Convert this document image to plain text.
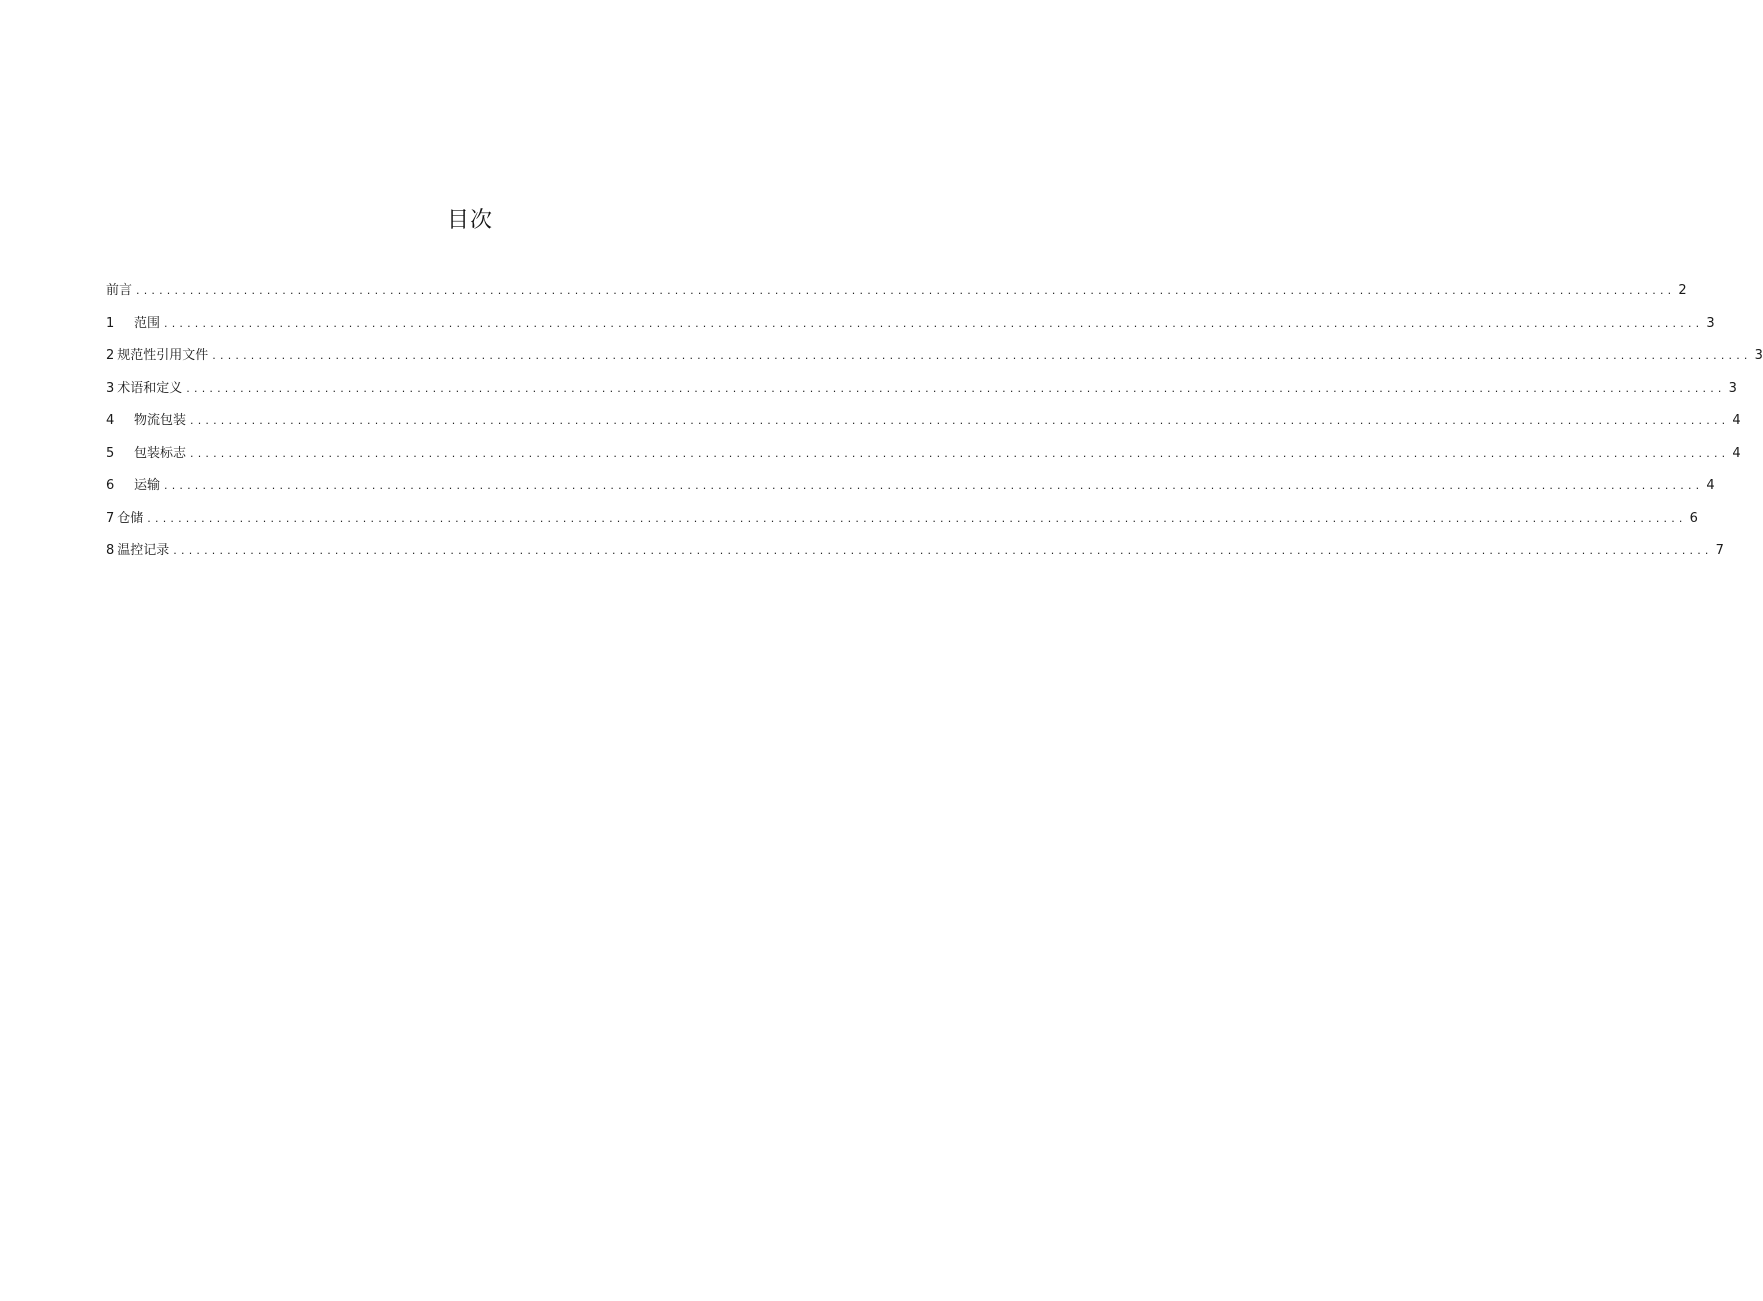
目次
前言 ........................................................................................................................................................................................................ 2
1	范围 ........................................................................................................................................................................................................ 3
2 规范性引用文件 ........................................................................................................................................................................................................ 3
3 术语和定义 ........................................................................................................................................................................................................ 3
4	物流包装 ........................................................................................................................................................................................................ 4
5	包装标志 ........................................................................................................................................................................................................ 4
6	运输 ........................................................................................................................................................................................................ 4
7 仓储 ........................................................................................................................................................................................................ 6
8 温控记录 ........................................................................................................................................................................................................ 7
